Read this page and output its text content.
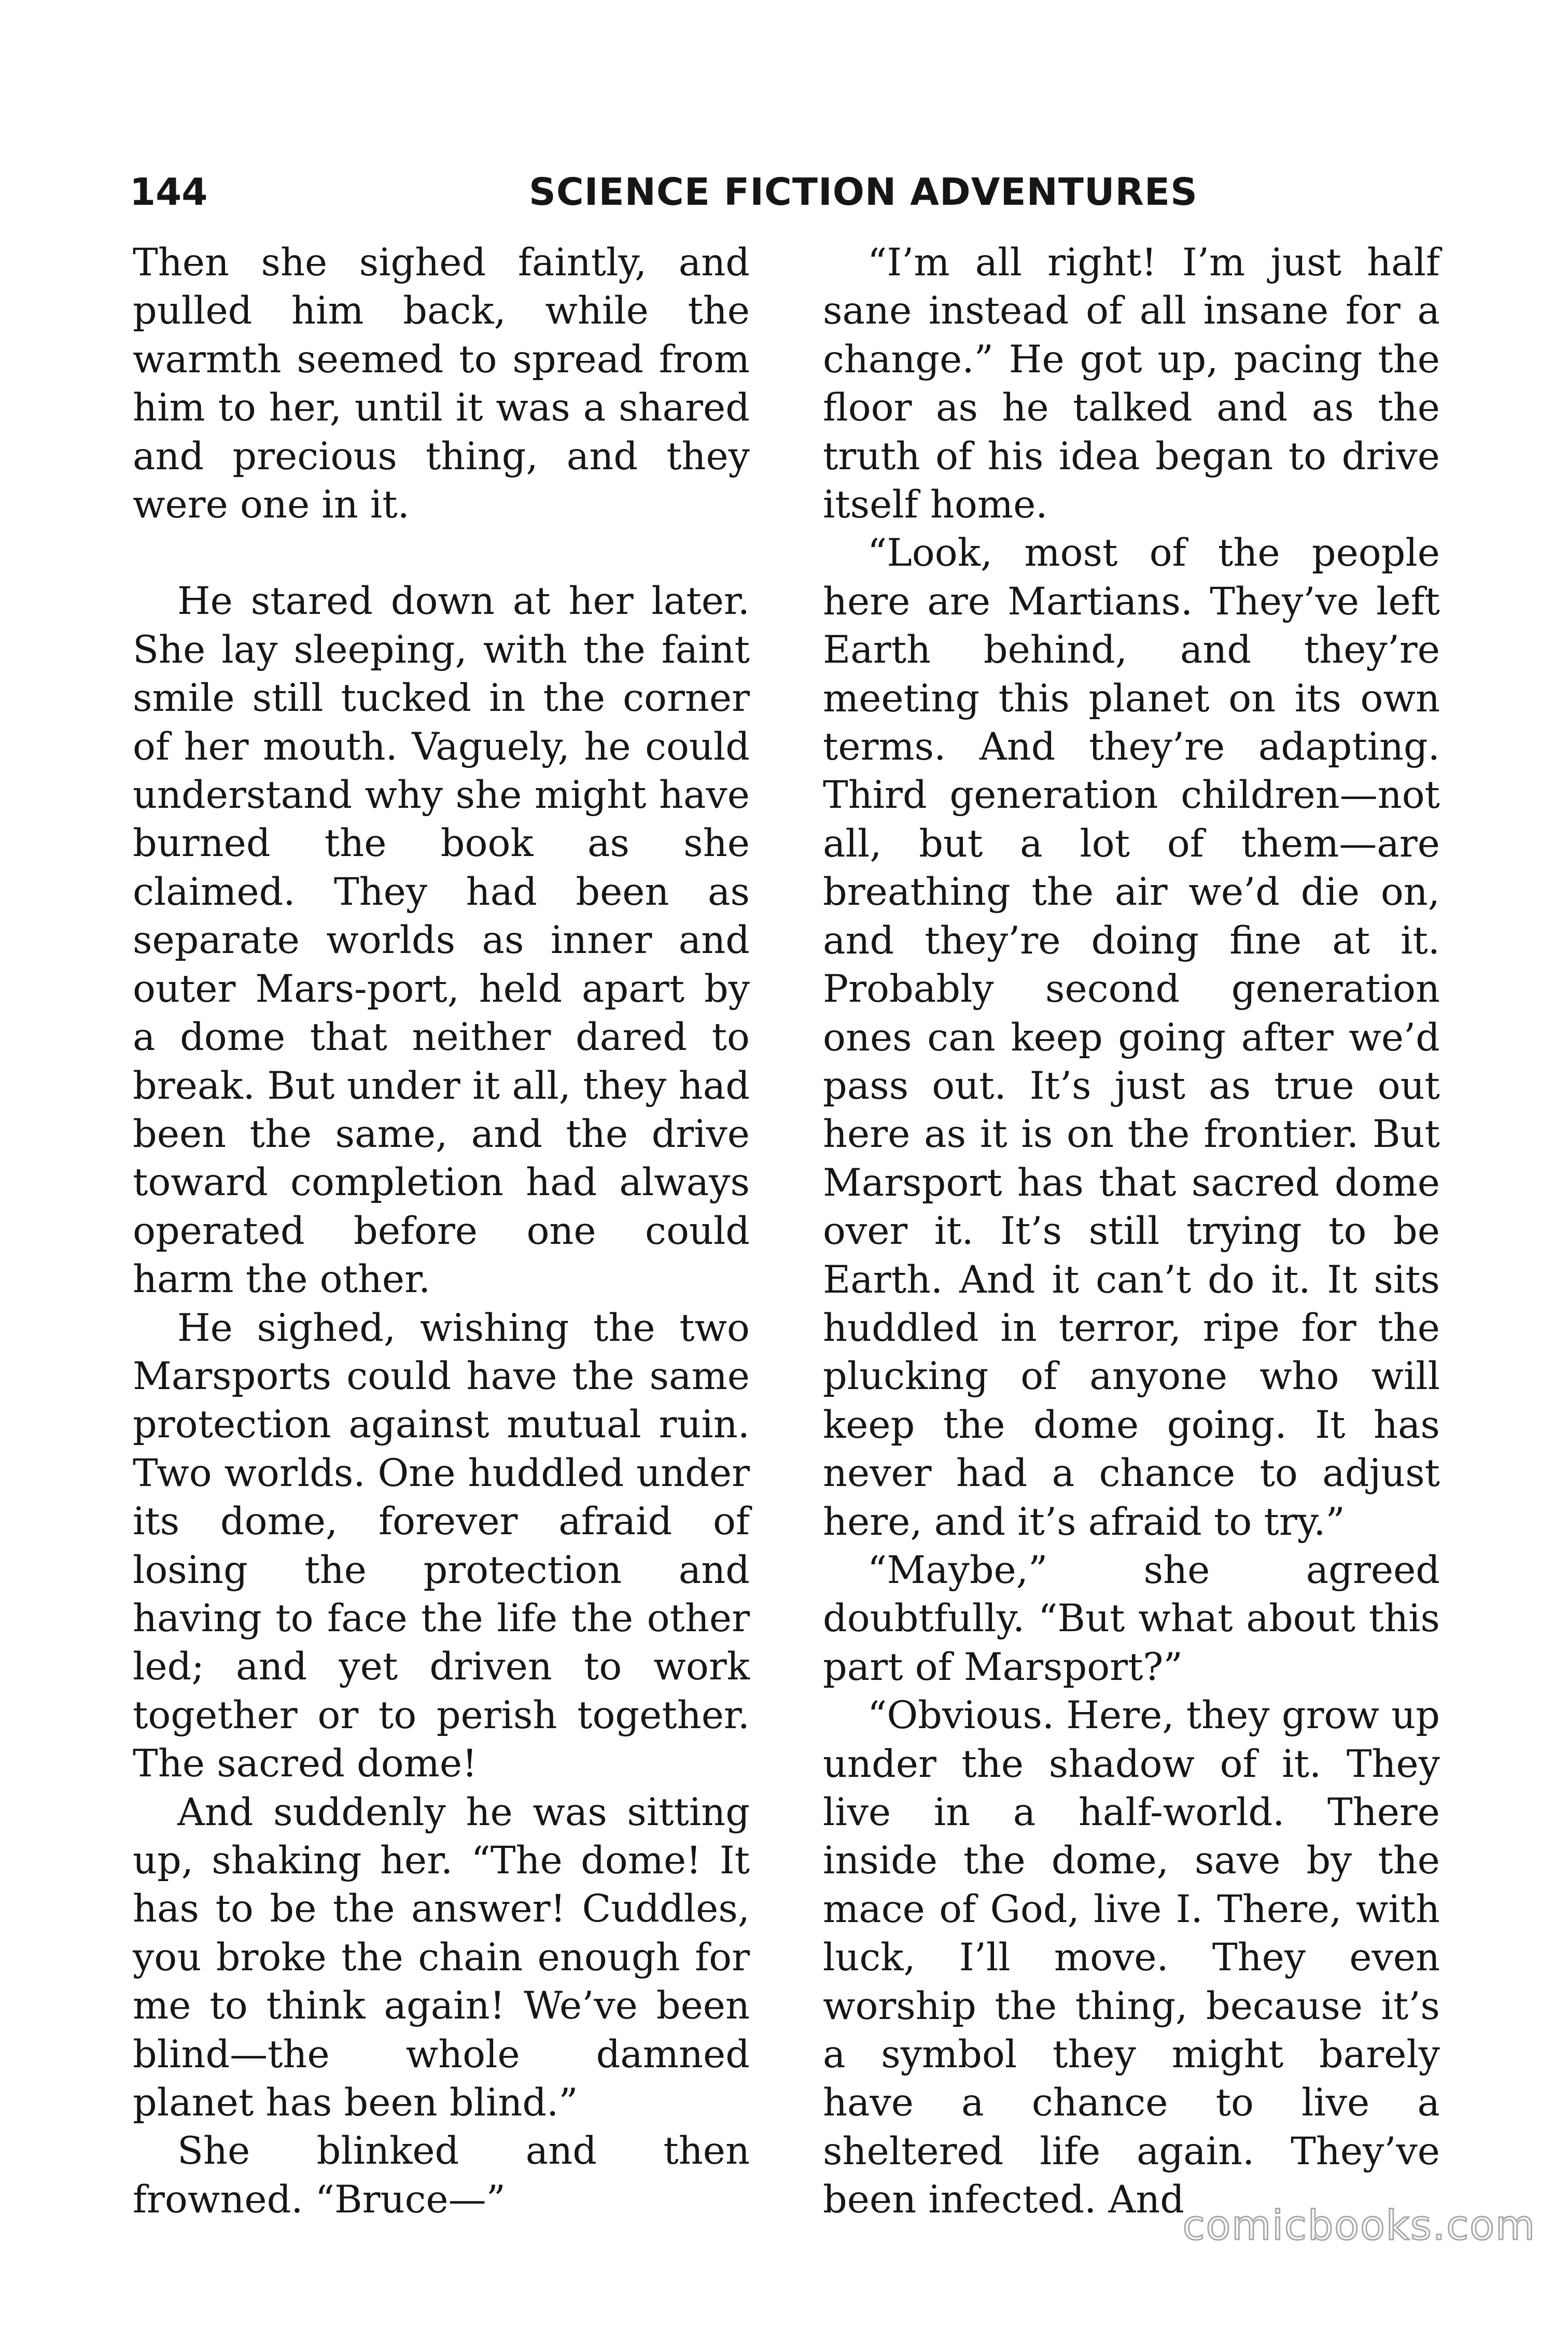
144	SCIENCE FICTION ADVENTURES

Then she sighed faintly, and pulled him back, while the warmth seemed to spread from him to her, until it was a shared and precious thing, and they were one in it.

He stared down at her later. She lay sleeping, with the faint smile still tucked in the corner of her mouth. Vaguely, he could understand why she might have burned the book as she claimed. They had been as separate worlds as inner and outer Mars-port, held apart by a dome that neither dared to break. But under it all, they had been the same, and the drive toward completion had always operated before one could harm the other.

He sighed, wishing the two Marsports could have the same protection against mutual ruin. Two worlds. One huddled under its dome, forever afraid of losing the protection and having to face the life the other led; and yet driven to work together or to perish together. The sacred dome!

And suddenly he was sitting up, shaking her. “The dome! It has to be the answer! Cuddles, you broke the chain enough for me to think again! We’ve been blind—the whole damned planet has been blind.”

She blinked and then frowned. “Bruce—”

“I’m all right! I’m just half sane instead of all insane for a change.” He got up, pacing the floor as he talked and as the truth of his idea began to drive itself home.

“Look, most of the people here are Martians. They’ve left Earth behind, and they’re meeting this planet on its own terms. And they’re adapting. Third generation children—not all, but a lot of them—are breathing the air we’d die on, and they’re doing fine at it. Probably second generation ones can keep going after we’d pass out. It’s just as true out here as it is on the frontier. But Marsport has that sacred dome over it. It’s still trying to be Earth. And it can’t do it. It sits huddled in terror, ripe for the plucking of anyone who will keep the dome going. It has never had a chance to adjust here, and it’s afraid to try.”

“Maybe,” she agreed doubtfully. “But what about this part of Marsport?”

“Obvious. Here, they grow up under the shadow of it. They live in a half-world. There inside the dome, save by the mace of God, live I. There, with luck, I’ll move. They even worship the thing, because it’s a symbol they might barely have a chance to live a sheltered life again. They’ve been infected. And

comicbooks.com
